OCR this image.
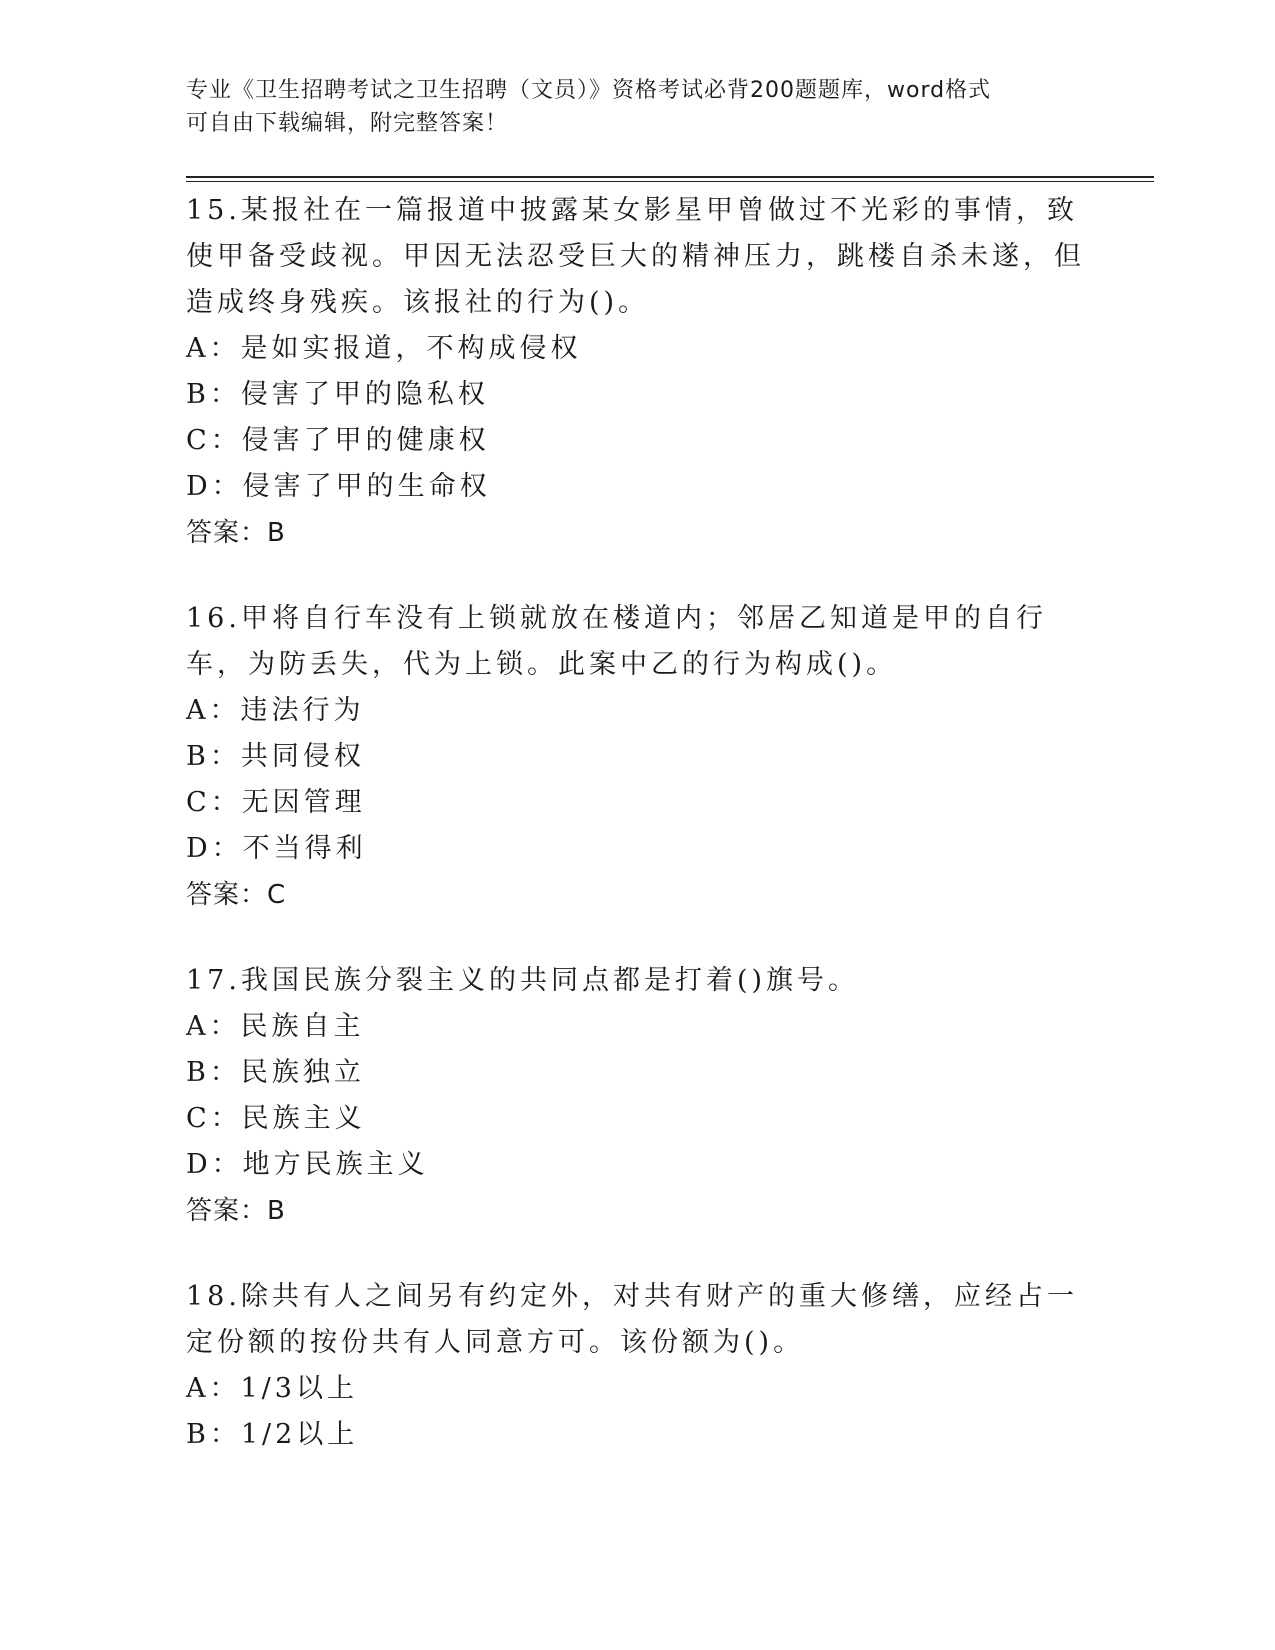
专业《卫生招聘考试之卫生招聘（文员）》资格考试必背200题题库，word格式
可自由下载编辑，附完整答案！
15.某报社在一篇报道中披露某女影星甲曾做过不光彩的事情，致使甲备受歧视。甲因无法忍受巨大的精神压力，跳楼自杀未遂，但造成终身残疾。该报社的行为()。
A：是如实报道，不构成侵权
B：侵害了甲的隐私权
C：侵害了甲的健康权
D：侵害了甲的生命权
答案：B
16.甲将自行车没有上锁就放在楼道内；邻居乙知道是甲的自行车，为防丢失，代为上锁。此案中乙的行为构成()。
A：违法行为
B：共同侵权
C：无因管理
D：不当得利
答案：C
17.我国民族分裂主义的共同点都是打着()旗号。
A：民族自主
B：民族独立
C：民族主义
D：地方民族主义
答案：B
18.除共有人之间另有约定外，对共有财产的重大修缮，应经占一定份额的按份共有人同意方可。该份额为()。
A：1/3以上
B：1/2以上
